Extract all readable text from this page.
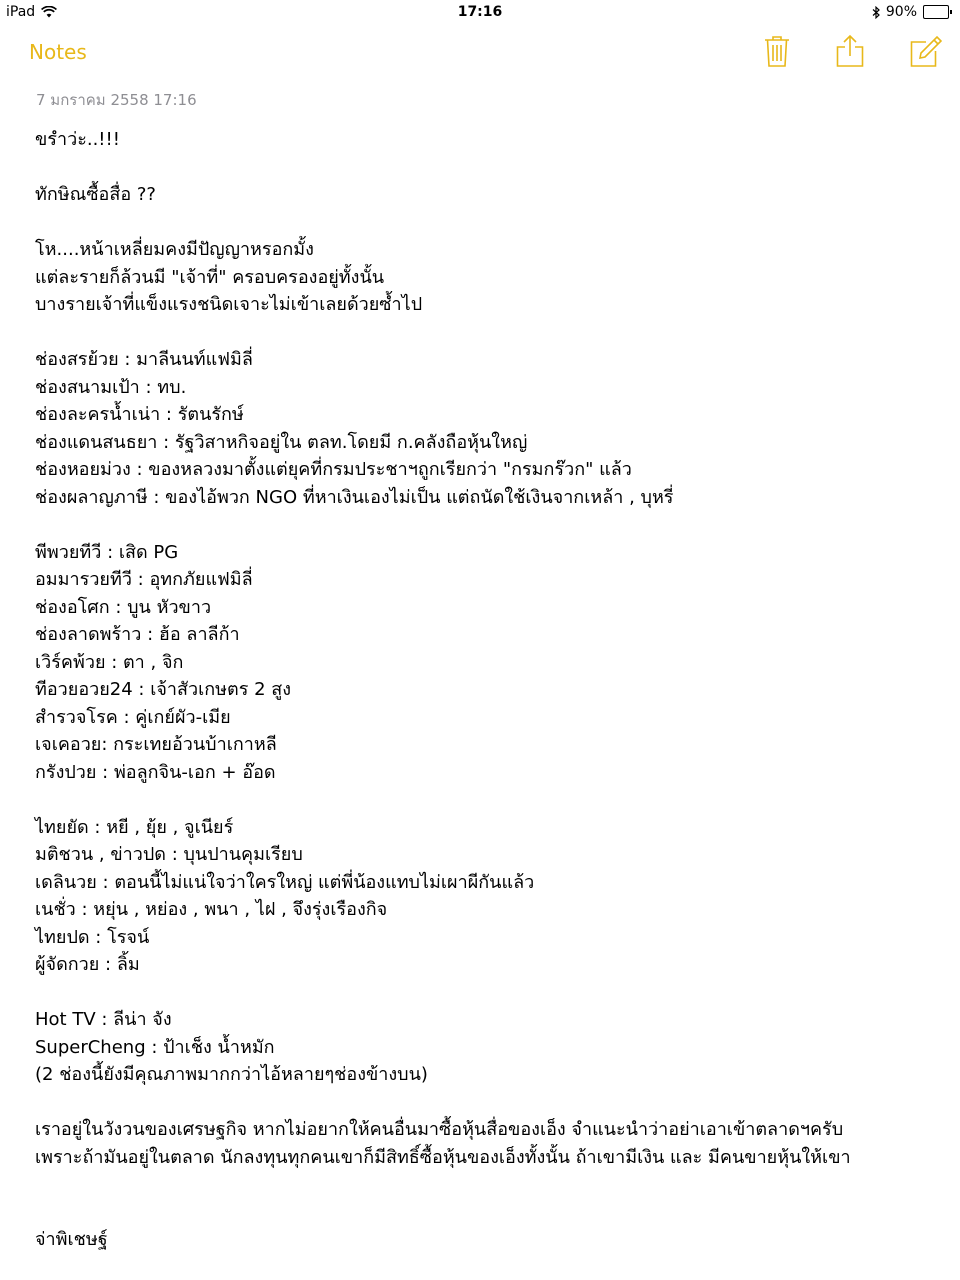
iPad	17:16	90%
Notes
7 มกราคม 2558 17:16
ขรำว่ะ..!!!
ทักษิณซื้อสื่อ ??
โห....หน้าเหลี่ยมคงมีปัญญาหรอกมั้ง
แต่ละรายก็ล้วนมี "เจ้าที่" ครอบครองอยู่ทั้งนั้น
บางรายเจ้าที่แข็งแรงชนิดเจาะไม่เข้าเลยด้วยซ้ำไป
ช่องสรย้วย : มาลีนนท์แฟมิลี่
ช่องสนามเป้า : ทบ.
ช่องละครน้ำเน่า : รัตนรักษ์
ช่องแดนสนธยา : รัฐวิสาหกิจอยู่ใน ตลท.โดยมี ก.คลังถือหุ้นใหญ่
ช่องหอยม่วง : ของหลวงมาตั้งแต่ยุคที่กรมประชาฯถูกเรียกว่า "กรมกร๊วก" แล้ว
ช่องผลาญภาษี : ของไอ้พวก NGO ที่หาเงินเองไม่เป็น แต่ถนัดใช้เงินจากเหล้า , บุหรี่
พีพวยทีวี : เสิด PG
อมมารวยทีวี : อุทกภัยแฟมิลี่
ช่องอโศก : บูน หัวขาว
ช่องลาดพร้าว : ฮ้อ ลาลีก้า
เวิร์คพ้วย : ตา , จิก
ทีอวยอวย24 : เจ้าสัวเกษตร 2 สูง
สำรวจโรค : คู่เกย์ผัว-เมีย
เจเคอวย: กระเทยอ้วนบ้าเกาหลี
กรังปวย : พ่อลูกจิน-เอก + อ๊อด
ไทยยัด : หยี , ยุ้ย , จูเนียร์
มติชวน , ข่าวปด : บุนปานคุมเรียบ
เดลินวย : ตอนนี้ไม่แน่ใจว่าใครใหญ่ แต่พี่น้องแทบไม่เผาผีกันแล้ว
เนชั่ว : หยุ่น , หย่อง , พนา , ไฝ , จึงรุ่งเรืองกิจ
ไทยปด : โรจน์
ผู้จัดกวย : ลิ้ม
Hot TV : ลีน่า จัง
SuperCheng : ป้าเช็ง น้ำหมัก
(2 ช่องนี้ยังมีคุณภาพมากกว่าไอ้หลายๆช่องข้างบน)
เราอยู่ในวังวนของเศรษฐกิจ หากไม่อยากให้คนอื่นมาซื้อหุ้นสื่อของเอ็ง จำแนะนำว่าอย่าเอาเข้าตลาดฯครับ
เพราะถ้ามันอยู่ในตลาด นักลงทุนทุกคนเขาก็มีสิทธิ์ซื้อหุ้นของเอ็งทั้งนั้น ถ้าเขามีเงิน และ มีคนขายหุ้นให้เขา
จ่าพิเชษฐ์
